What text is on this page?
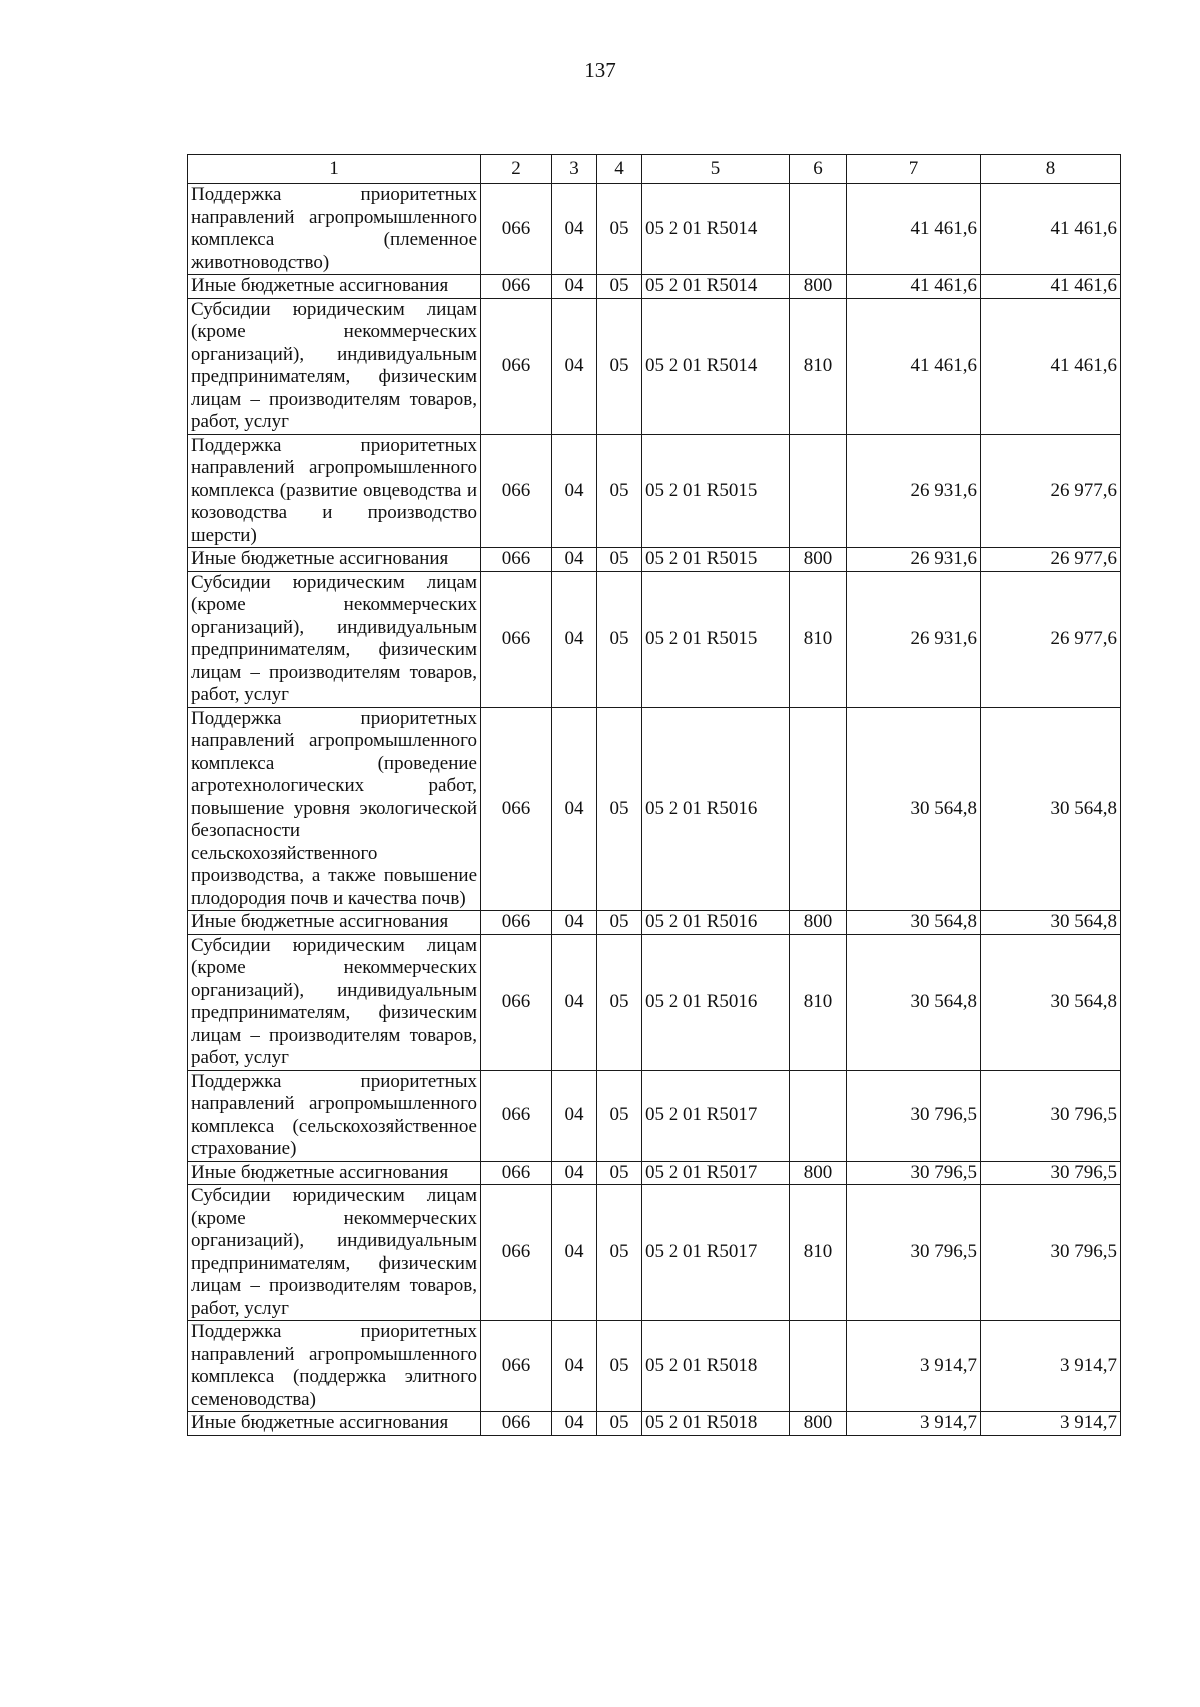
137
1	2	3	4	5	6	7	8
Поддержка приоритетных направлений агропромышленного комплекса (племенное животноводство)	066	04	05	05 2 01 R5014		41 461,6	41 461,6
Иные бюджетные ассигнования	066	04	05	05 2 01 R5014	800	41 461,6	41 461,6
Субсидии юридическим лицам (кроме некоммерческих организаций), индивидуальным предпринимателям, физическим лицам – производителям товаров, работ, услуг	066	04	05	05 2 01 R5014	810	41 461,6	41 461,6
Поддержка приоритетных направлений агропромышленного комплекса (развитие овцеводства и козоводства и производство шерсти)	066	04	05	05 2 01 R5015		26 931,6	26 977,6
Иные бюджетные ассигнования	066	04	05	05 2 01 R5015	800	26 931,6	26 977,6
Субсидии юридическим лицам (кроме некоммерческих организаций), индивидуальным предпринимателям, физическим лицам – производителям товаров, работ, услуг	066	04	05	05 2 01 R5015	810	26 931,6	26 977,6
Поддержка приоритетных направлений агропромышленного комплекса (проведение агротехнологических работ, повышение уровня экологической безопасности сельскохозяйственного производства, а также повышение плодородия почв и качества почв)	066	04	05	05 2 01 R5016		30 564,8	30 564,8
Иные бюджетные ассигнования	066	04	05	05 2 01 R5016	800	30 564,8	30 564,8
Субсидии юридическим лицам (кроме некоммерческих организаций), индивидуальным предпринимателям, физическим лицам – производителям товаров, работ, услуг	066	04	05	05 2 01 R5016	810	30 564,8	30 564,8
Поддержка приоритетных направлений агропромышленного комплекса (сельскохозяйственное страхование)	066	04	05	05 2 01 R5017		30 796,5	30 796,5
Иные бюджетные ассигнования	066	04	05	05 2 01 R5017	800	30 796,5	30 796,5
Субсидии юридическим лицам (кроме некоммерческих организаций), индивидуальным предпринимателям, физическим лицам – производителям товаров, работ, услуг	066	04	05	05 2 01 R5017	810	30 796,5	30 796,5
Поддержка приоритетных направлений агропромышленного комплекса (поддержка элитного семеноводства)	066	04	05	05 2 01 R5018		3 914,7	3 914,7
Иные бюджетные ассигнования	066	04	05	05 2 01 R5018	800	3 914,7	3 914,7
